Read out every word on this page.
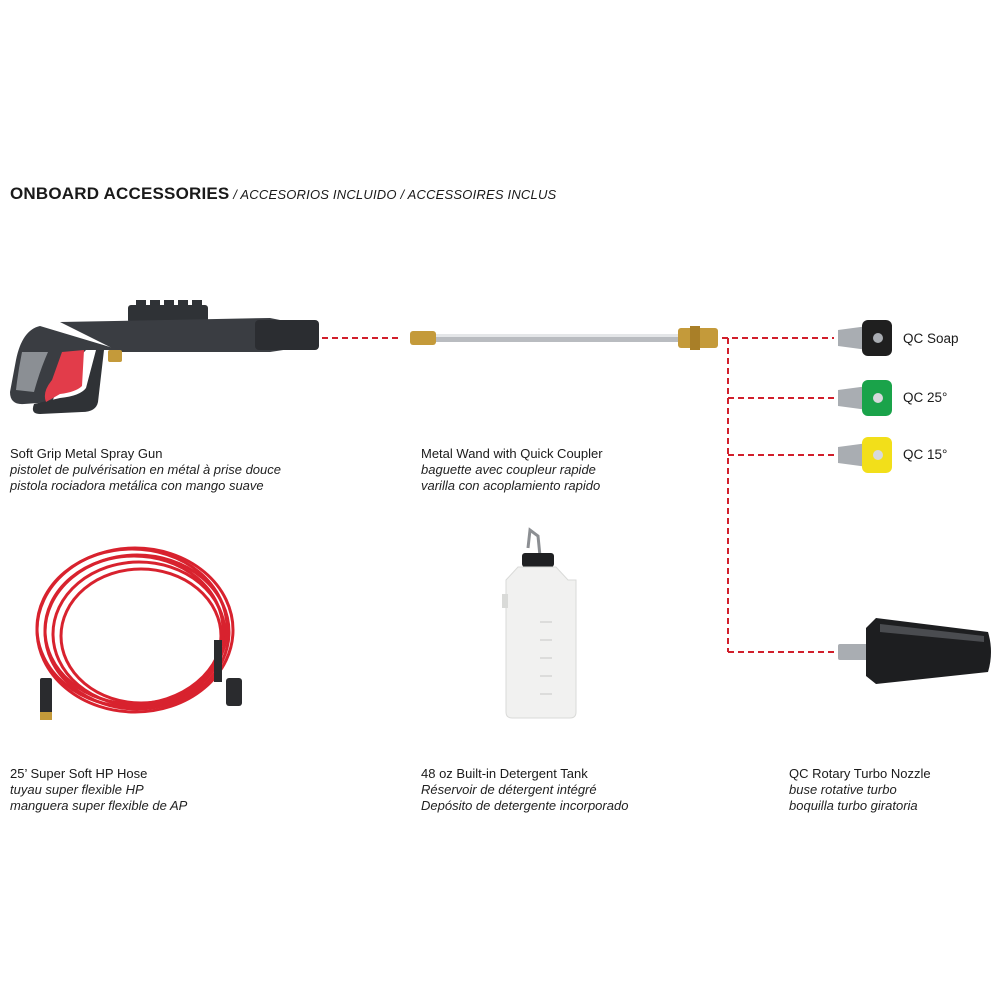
ONBOARD ACCESSORIES / ACCESORIOS INCLUIDO / ACCESSOIRES INCLUS
QC Soap
QC 25°
QC 15°
Soft Grip Metal Spray Gun
pistolet de pulvérisation en métal à prise douce
pistola rociadora metálica con mango suave
Metal Wand with Quick Coupler
baguette avec coupleur rapide
varilla con acoplamiento rapido
25’ Super Soft HP Hose
tuyau super flexible HP
manguera super flexible de AP
48 oz Built-in Detergent Tank
Réservoir de détergent intégré
Depósito de detergente incorporado
QC Rotary Turbo Nozzle
buse rotative turbo
boquilla turbo giratoria
